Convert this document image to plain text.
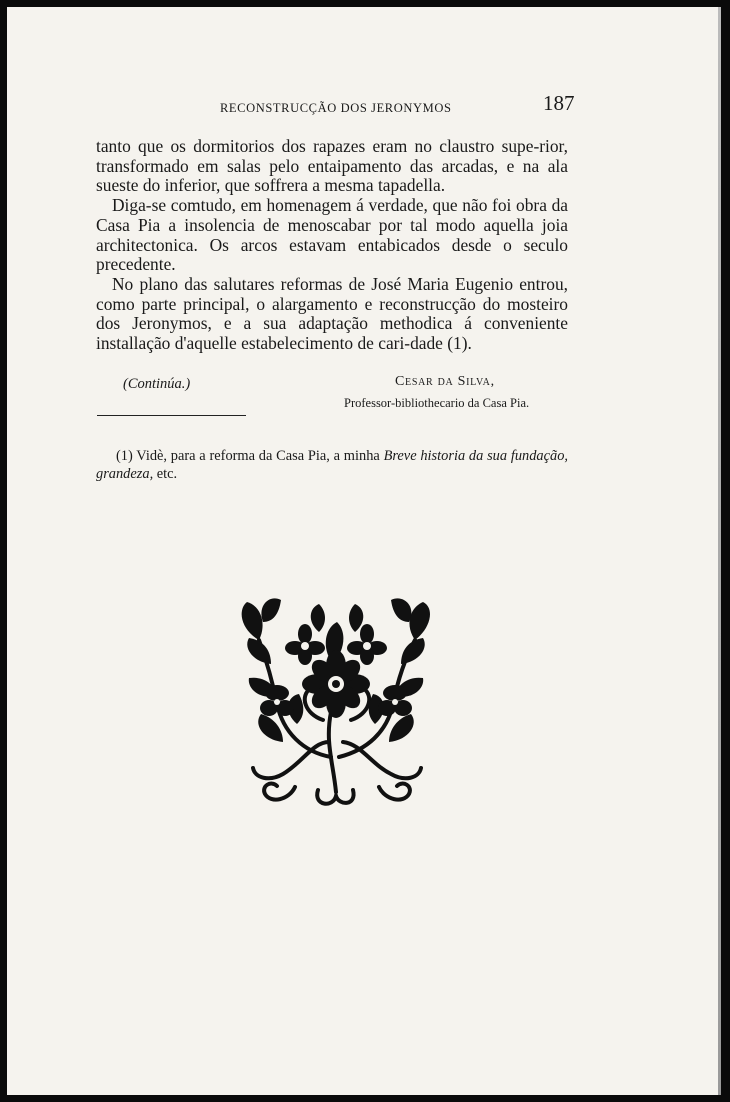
RECONSTRUCÇÃO DOS JERONYMOS	187

tanto que os dormitorios dos rapazes eram no claustro supe-rior, transformado em salas pelo entaipamento das arcadas, e na ala sueste do inferior, que soffrera a mesma tapadella.

Diga-se comtudo, em homenagem á verdade, que não foi obra da Casa Pia a insolencia de menoscabar por tal modo aquella joia architectonica. Os arcos estavam entabicados desde o seculo precedente.

No plano das salutares reformas de José Maria Eugenio entrou, como parte principal, o alargamento e reconstrucção do mosteiro dos Jeronymos, e a sua adaptação methodica á conveniente installação d'aquelle estabelecimento de cari-dade (1).

(Continúa.)	Cesar da Silva,
Professor-bibliothecario da Casa Pia.

(1) Vidè, para a reforma da Casa Pia, a minha Breve historia da sua fundação, grandeza, etc.
